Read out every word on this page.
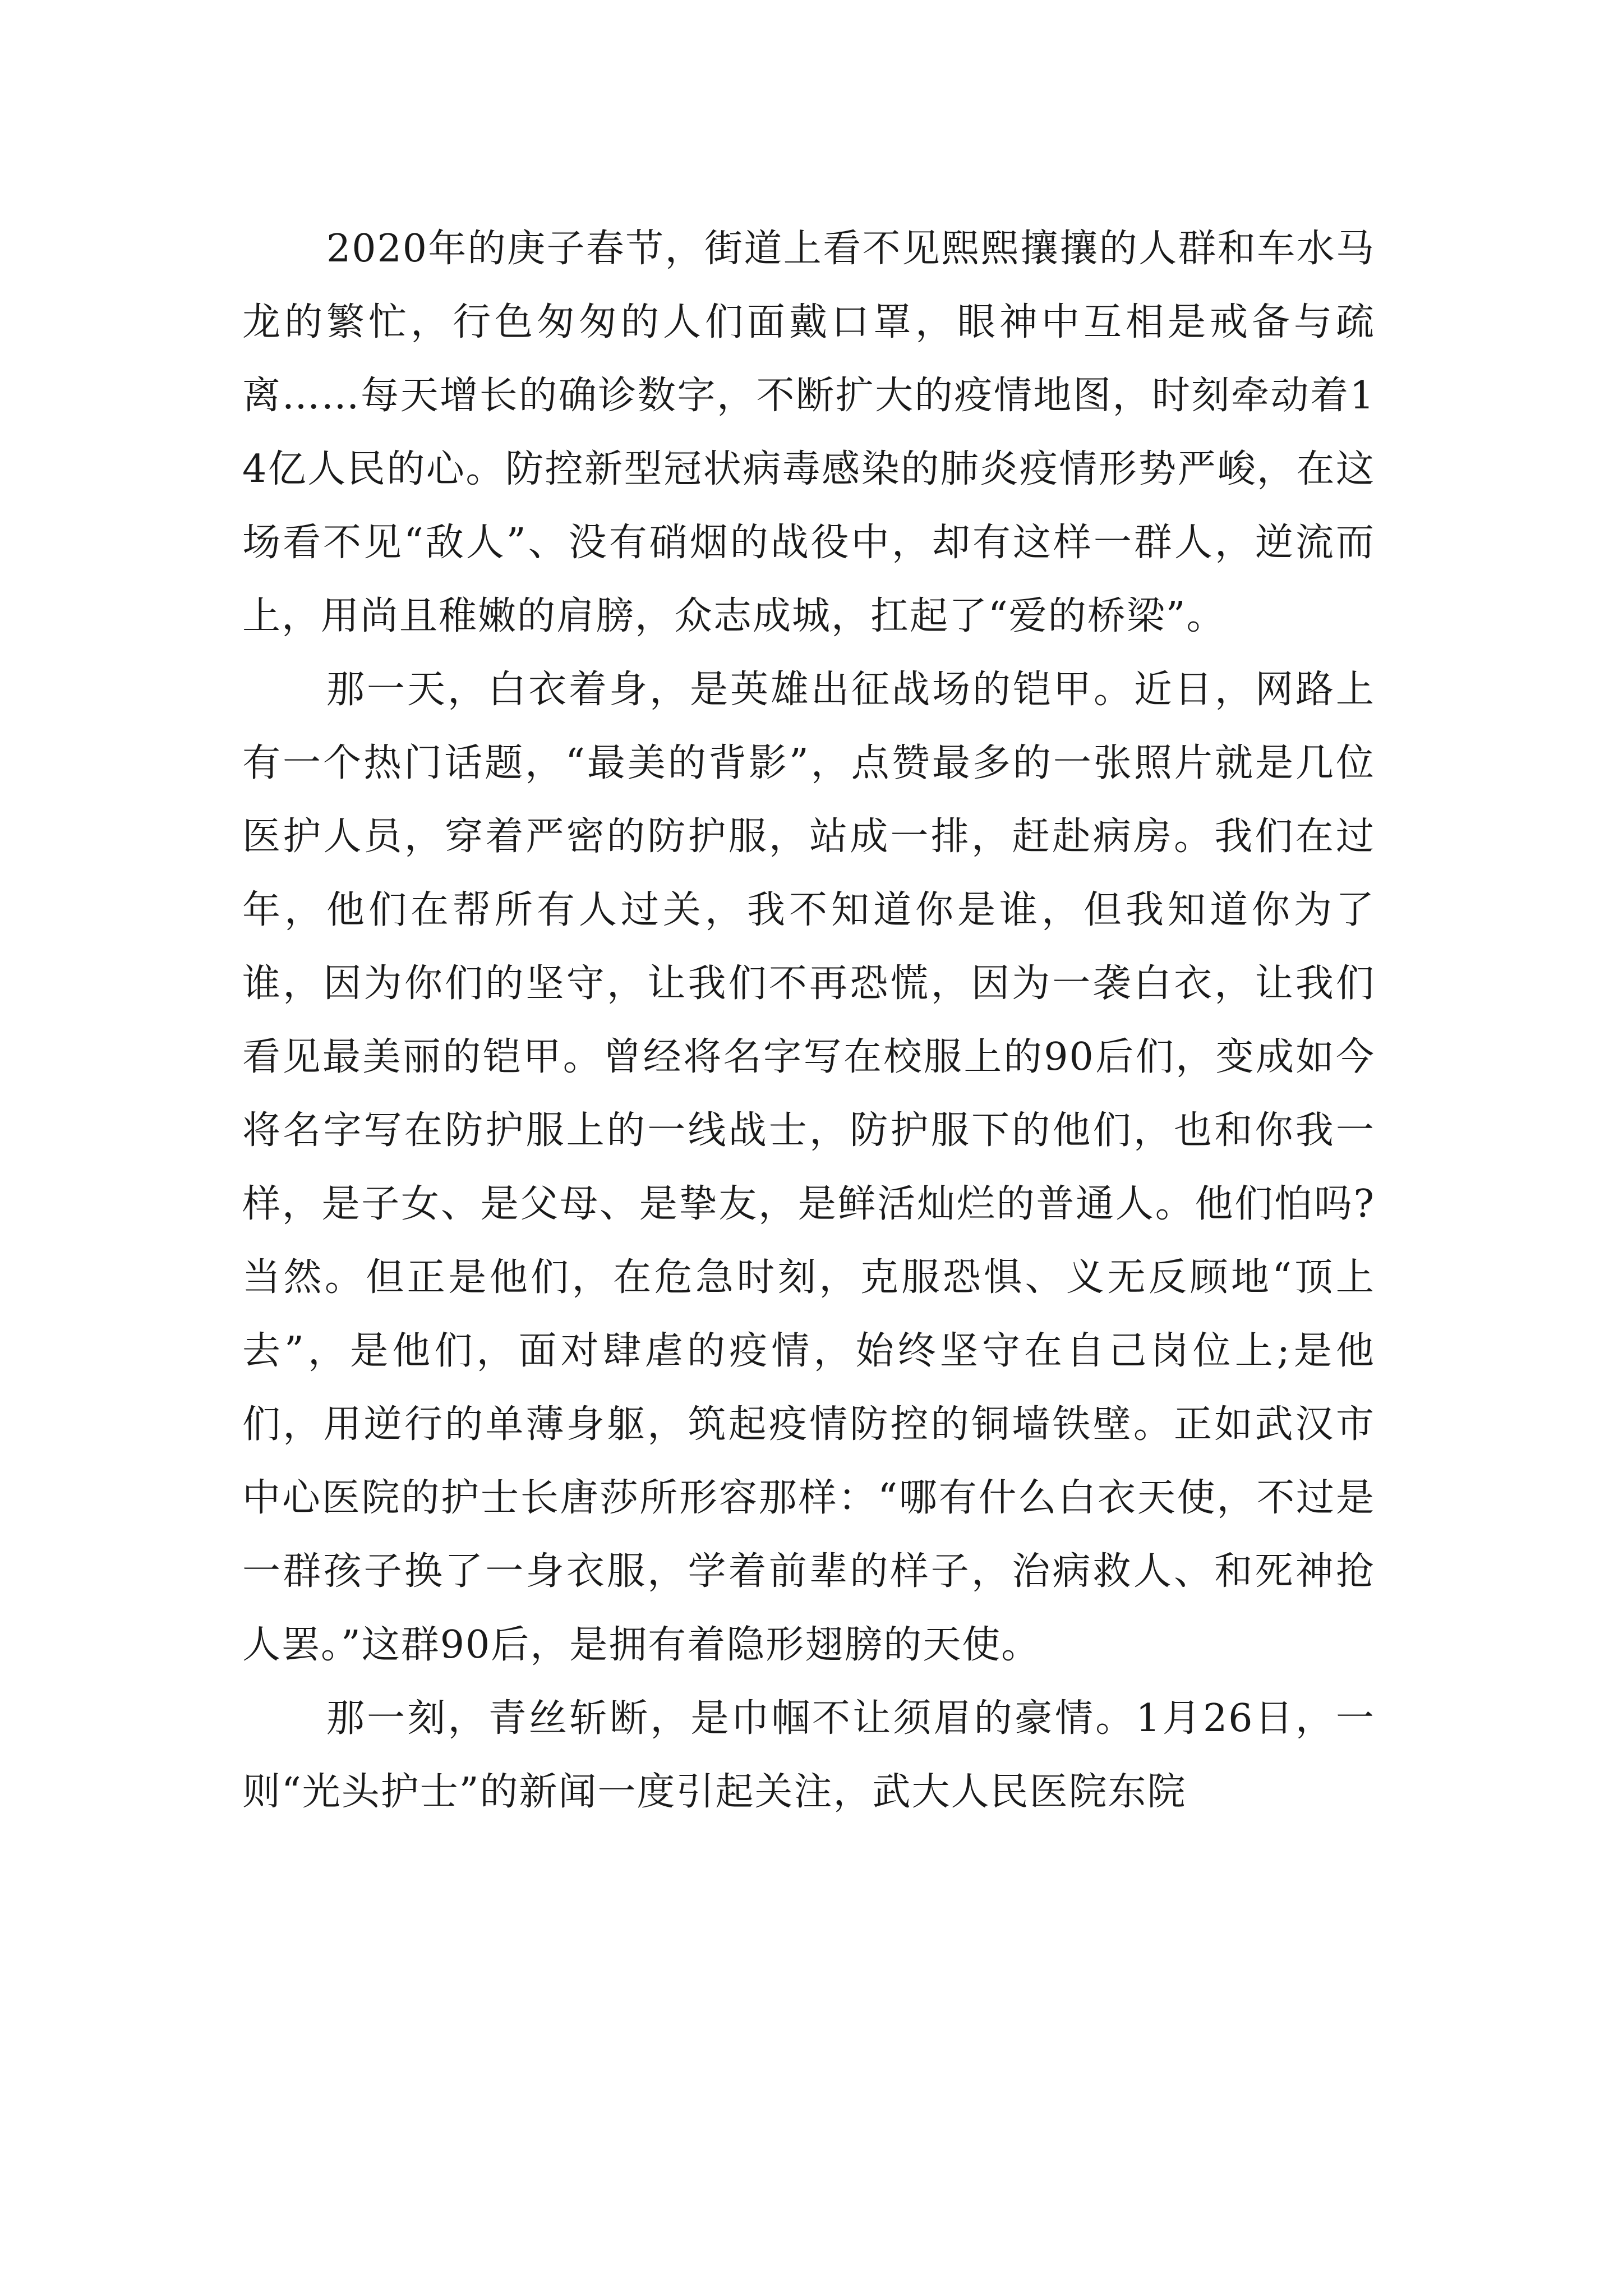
2020年的庚子春节，街道上看不见熙熙攘攘的人群和车水马龙的繁忙，行色匆匆的人们面戴口罩，眼神中互相是戒备与疏离……每天增长的确诊数字，不断扩大的疫情地图，时刻牵动着14亿人民的心。防控新型冠状病毒感染的肺炎疫情形势严峻，在这场看不见“敌人”、没有硝烟的战役中，却有这样一群人，逆流而上，用尚且稚嫩的肩膀，众志成城，扛起了“爱的桥梁”。

那一天，白衣着身，是英雄出征战场的铠甲。近日，网路上有一个热门话题，“最美的背影”，点赞最多的一张照片就是几位医护人员，穿着严密的防护服，站成一排，赶赴病房。我们在过年，他们在帮所有人过关，我不知道你是谁，但我知道你为了谁，因为你们的坚守，让我们不再恐慌，因为一袭白衣，让我们看见最美丽的铠甲。曾经将名字写在校服上的90后们，变成如今将名字写在防护服上的一线战士，防护服下的他们，也和你我一样，是子女、是父母、是挚友，是鲜活灿烂的普通人。他们怕吗?当然。但正是他们，在危急时刻，克服恐惧、义无反顾地“顶上去”，是他们，面对肆虐的疫情，始终坚守在自己岗位上;是他们，用逆行的单薄身躯，筑起疫情防控的铜墙铁壁。正如武汉市中心医院的护士长唐莎所形容那样：“哪有什么白衣天使，不过是一群孩子换了一身衣服，学着前辈的样子，治病救人、和死神抢人罢。”这群90后，是拥有着隐形翅膀的天使。

那一刻，青丝斩断，是巾帼不让须眉的豪情。1月26日，一则“光头护士”的新闻一度引起关注，武大人民医院东院
